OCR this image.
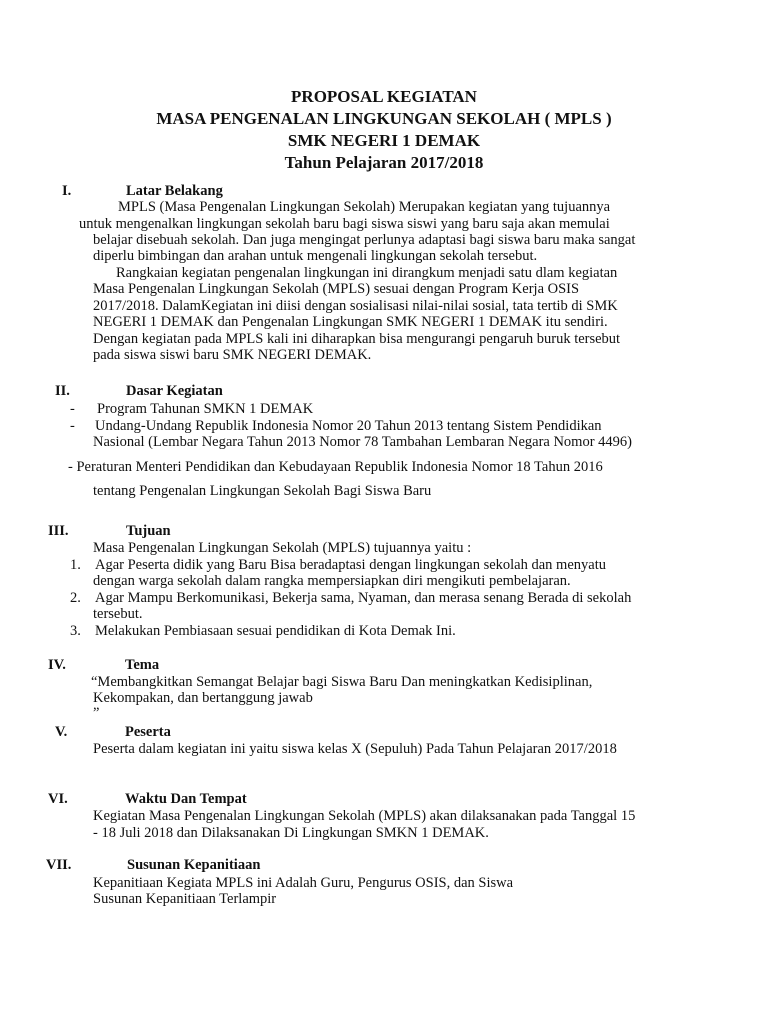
PROPOSAL KEGIATAN
MASA PENGENALAN LINGKUNGAN SEKOLAH ( MPLS )
SMK NEGERI 1 DEMAK
Tahun Pelajaran 2017/2018
I.	Latar Belakang
MPLS (Masa Pengenalan Lingkungan Sekolah) Merupakan kegiatan yang tujuannya
untuk mengenalkan lingkungan sekolah baru bagi siswa siswi yang baru saja akan memulai
belajar disebuah sekolah. Dan juga mengingat perlunya adaptasi bagi siswa baru maka sangat
diperlu bimbingan dan arahan untuk mengenali lingkungan sekolah tersebut.
Rangkaian kegiatan pengenalan lingkungan ini dirangkum menjadi satu dlam kegiatan
Masa Pengenalan Lingkungan Sekolah (MPLS) sesuai dengan Program Kerja OSIS
2017/2018. DalamKegiatan ini diisi dengan sosialisasi nilai-nilai sosial, tata tertib di SMK
NEGERI 1 DEMAK dan Pengenalan Lingkungan SMK NEGERI 1 DEMAK itu sendiri.
Dengan kegiatan pada MPLS kali ini diharapkan bisa mengurangi pengaruh buruk tersebut
pada siswa siswi baru SMK NEGERI DEMAK.
II.	Dasar Kegiatan
- Program Tahunan SMKN 1 DEMAK
- Undang-Undang Republik Indonesia Nomor 20 Tahun 2013 tentang Sistem Pendidikan
Nasional (Lembar Negara Tahun 2013 Nomor 78 Tambahan Lembaran Negara Nomor 4496)
- Peraturan Menteri Pendidikan dan Kebudayaan Republik Indonesia Nomor 18 Tahun 2016
tentang Pengenalan Lingkungan Sekolah Bagi Siswa Baru
III.	Tujuan
Masa Pengenalan Lingkungan Sekolah (MPLS) tujuannya yaitu :
1. Agar Peserta didik yang Baru Bisa beradaptasi dengan lingkungan sekolah dan menyatu
dengan warga sekolah dalam rangka mempersiapkan diri mengikuti pembelajaran.
2. Agar Mampu Berkomunikasi, Bekerja sama, Nyaman, dan merasa senang Berada di sekolah
tersebut.
3. Melakukan Pembiasaan sesuai pendidikan di Kota Demak Ini.
IV.	Tema
“Membangkitkan Semangat Belajar bagi Siswa Baru Dan meningkatkan Kedisiplinan,
Kekompakan, dan bertanggung jawab
”
V.	Peserta
Peserta dalam kegiatan ini yaitu siswa kelas X (Sepuluh) Pada Tahun Pelajaran 2017/2018
VI.	Waktu Dan Tempat
Kegiatan Masa Pengenalan Lingkungan Sekolah (MPLS) akan dilaksanakan pada Tanggal 15
- 18 Juli 2018 dan Dilaksanakan Di Lingkungan SMKN 1 DEMAK.
VII.	Susunan Kepanitiaan
Kepanitiaan Kegiata MPLS ini Adalah Guru, Pengurus OSIS, dan Siswa
Susunan Kepanitiaan Terlampir
